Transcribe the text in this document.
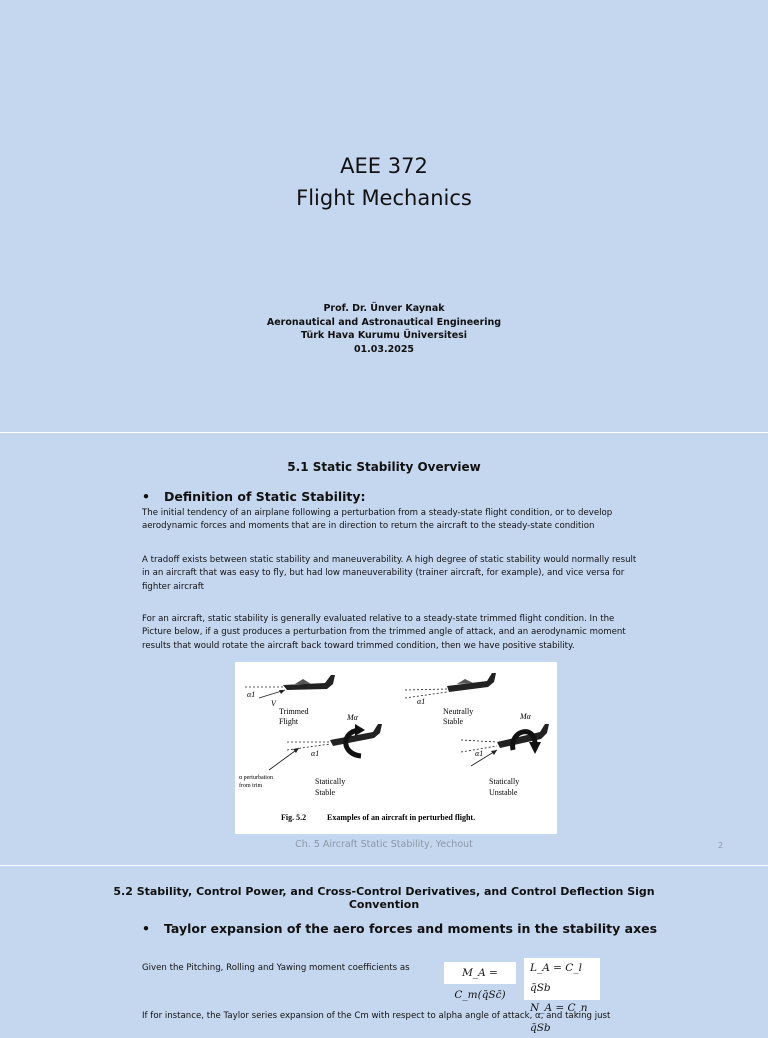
AEE 372
Flight Mechanics
Prof. Dr. Ünver Kaynak
Aeronautical and Astronautical Engineering
Türk Hava Kurumu Üniversitesi
01.03.2025
5.1 Static Stability Overview
• Definition of Static Stability:
The initial tendency of an airplane following a perturbation from a steady-state flight condition, or to develop aerodynamic forces and moments that are in direction to return the aircraft to the steady-state condition
A tradoff exists between static stability and maneuverability. A high degree of static stability would normally result in an aircraft that was easy to fly, but had low maneuverability (trainer aircraft, for example), and vice versa for fighter aircraft
For an aircraft, static stability is generally evaluated relative to a steady-state trimmed flight condition. In the Picture below, if a gust produces a perturbation from the trimmed angle of attack, and an aerodynamic moment results that would rotate the aircraft back toward trimmed condition, then we have positive stability.
α1
V
Trimmed
Flight
α1
Neutrally
Stable
Mα
α1
α perturbation
from trim	Statically
Stable
Mα
α1
Statically
Unstable
Fig. 5.2	Examples of an aircraft in perturbed flight.
Ch. 5 Aircraft Static Stability, Yechout	2
5.2 Stability, Control Power, and Cross-Control Derivatives, and Control Deflection Sign
Convention
• Taylor expansion of the aero forces and moments in the stability axes
Given the Pitching, Rolling and Yawing moment coefficients as	M_A = C_m(q̄Sc̄)
L_A = C_l q̄Sb
N_A = C_n q̄Sb
If for instance, the Taylor series expansion of the Cm with respect to alpha angle of attack, α, and taking just
